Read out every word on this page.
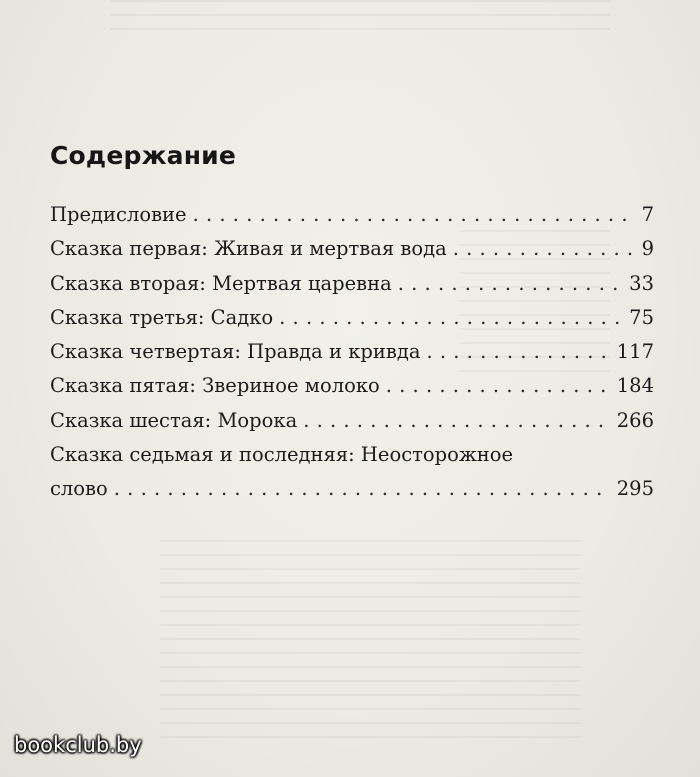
Содержание
Предисловие . . .	7
Сказка первая: Живая и мертвая вода . . .	9
Сказка вторая: Мертвая царевна . . .	33
Сказка третья: Садко . . .	75
Сказка четвертая: Правда и кривда . . .	117
Сказка пятая: Звериное молоко . . .	184
Сказка шестая: Морока . . .	266
Сказка седьмая и последняя: Неосторожное
слово . . .	295
bookclub.by
